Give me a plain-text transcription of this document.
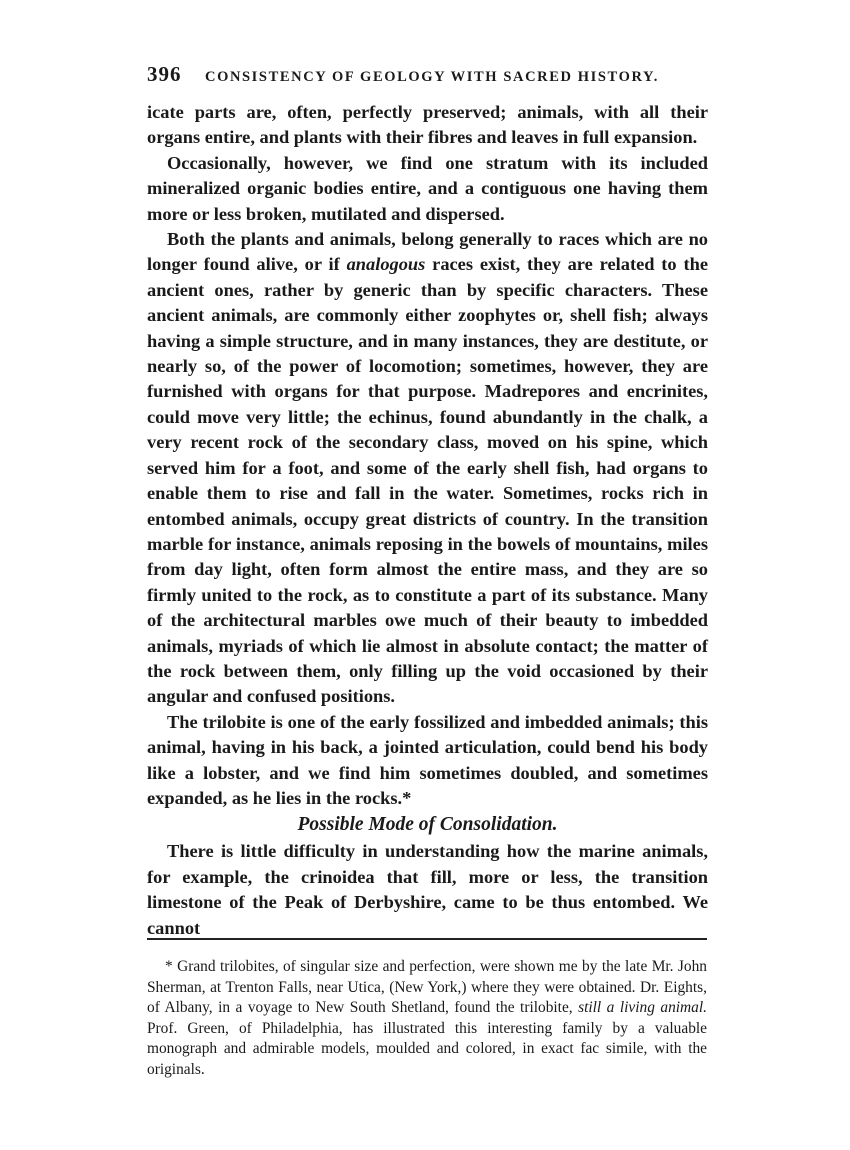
396	CONSISTENCY OF GEOLOGY WITH SACRED HISTORY.

icate parts are, often, perfectly preserved; animals, with all their organs entire, and plants with their fibres and leaves in full expansion.

Occasionally, however, we find one stratum with its included mineralized organic bodies entire, and a contiguous one having them more or less broken, mutilated and dispersed.

Both the plants and animals, belong generally to races which are no longer found alive, or if analogous races exist, they are related to the ancient ones, rather by generic than by specific characters. These ancient animals, are commonly either zoophytes or, shell fish; always having a simple structure, and in many instances, they are destitute, or nearly so, of the power of locomotion; sometimes, however, they are furnished with organs for that purpose. Madrepores and encrinites, could move very little; the echinus, found abundantly in the chalk, a very recent rock of the secondary class, moved on his spine, which served him for a foot, and some of the early shell fish, had organs to enable them to rise and fall in the water. Sometimes, rocks rich in entombed animals, occupy great districts of country. In the transition marble for instance, animals reposing in the bowels of mountains, miles from day light, often form almost the entire mass, and they are so firmly united to the rock, as to constitute a part of its substance. Many of the architectural marbles owe much of their beauty to imbedded animals, myriads of which lie almost in absolute contact; the matter of the rock between them, only filling up the void occasioned by their angular and confused positions.

The trilobite is one of the early fossilized and imbedded animals; this animal, having in his back, a jointed articulation, could bend his body like a lobster, and we find him sometimes doubled, and sometimes expanded, as he lies in the rocks.*

Possible Mode of Consolidation.

There is little difficulty in understanding how the marine animals, for example, the crinoidea that fill, more or less, the transition limestone of the Peak of Derbyshire, came to be thus entombed. We cannot

* Grand trilobites, of singular size and perfection, were shown me by the late Mr. John Sherman, at Trenton Falls, near Utica, (New York,) where they were obtained. Dr. Eights, of Albany, in a voyage to New South Shetland, found the trilobite, still a living animal. Prof. Green, of Philadelphia, has illustrated this interesting family by a valuable monograph and admirable models, moulded and colored, in exact fac simile, with the originals.
